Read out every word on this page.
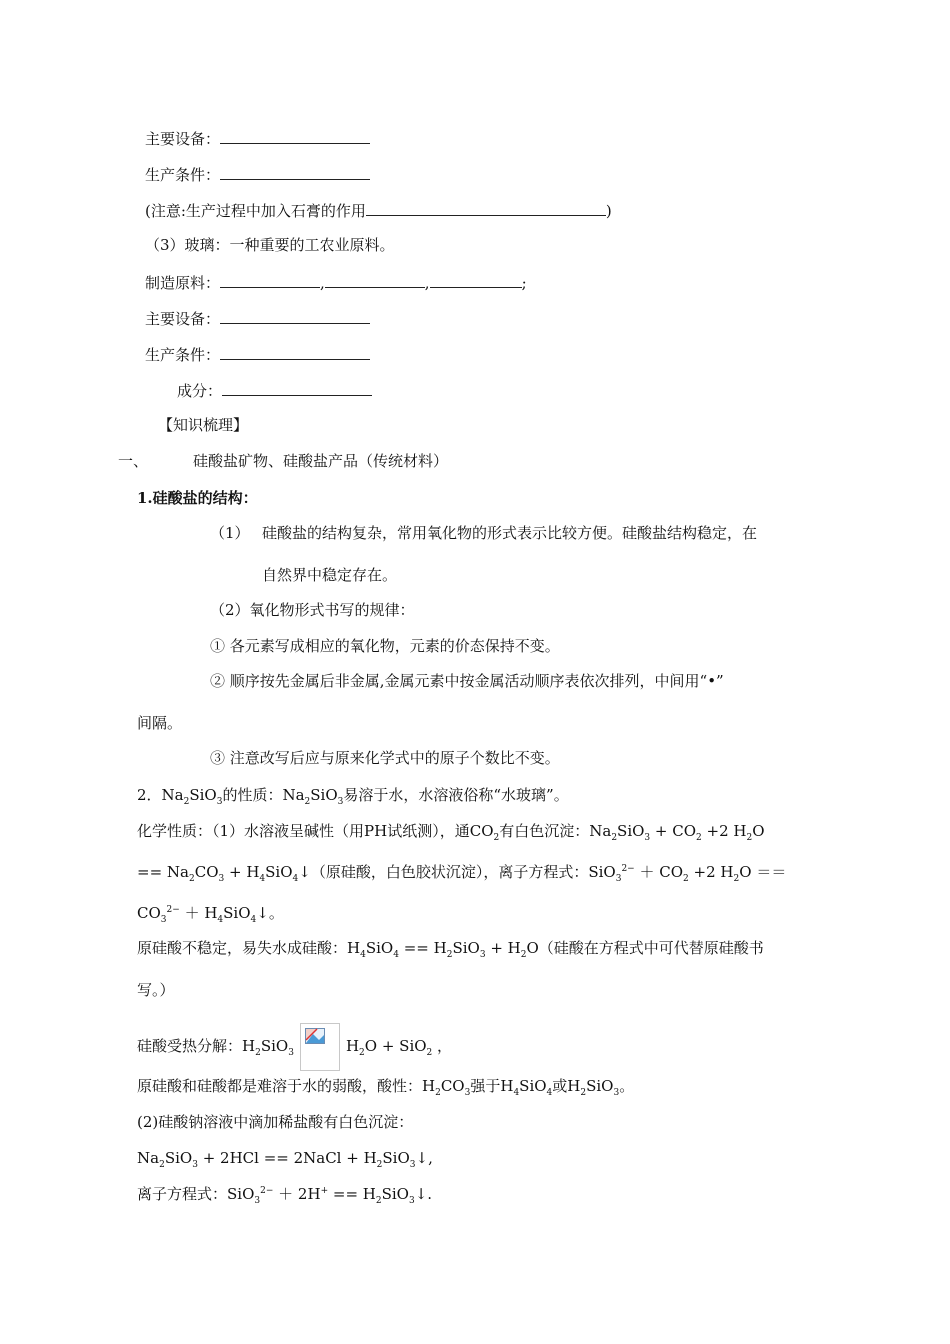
主要设备：
生产条件：
(注意:生产过程中加入石膏的作用	)
（3）玻璃：一种重要的工农业原料。
制造原料：	,	,	;
主要设备：
生产条件：
成分：
【知识梳理】
一、	硅酸盐矿物、硅酸盐产品（传统材料）
1.硅酸盐的结构：
（1） 硅酸盐的结构复杂，常用氧化物的形式表示比较方便。硅酸盐结构稳定，在
自然界中稳定存在。
（2）氧化物形式书写的规律：
① 各元素写成相应的氧化物，元素的价态保持不变。
② 顺序按先金属后非金属,金属元素中按金属活动顺序表依次排列，中间用“•”
间隔。
③ 注意改写后应与原来化学式中的原子个数比不变。
2．$Na_2SiO_3$的性质：$Na_2SiO_3$易溶于水，水溶液俗称“水玻璃”。
化学性质：（1）水溶液呈碱性（用PH试纸测），通$CO_2$有白色沉淀：$Na_2SiO_3 + CO_2 +2$ $H_2O$
== $Na_2CO_3$ + $H_4SiO_4↓$（原硅酸，白色胶状沉淀），离子方程式：$SiO_3^{2-} + CO_2 +2$ $H_2O$ ＝＝
$CO_3^{2-}$ ＋ $H_4SiO_4↓$。
原硅酸不稳定，易失水成硅酸：$H_4SiO_4 == H_2SiO_3 + H_2O$（硅酸在方程式中可代替原硅酸书
写。）
硅酸受热分解：$H_2SiO_3$	$H_2O + SiO_2$ ，
原硅酸和硅酸都是难溶于水的弱酸，酸性：$H_2CO_3$强于$H_4SiO_4$或$H_2SiO_3$。
(2)硅酸钠溶液中滴加稀盐酸有白色沉淀：
$Na_2SiO_3 + 2HCl$ == 2NaCl + $H_2SiO_3↓$,
离子方程式：$SiO_3^{2-} + 2H^+ == H_2SiO_3↓$.
